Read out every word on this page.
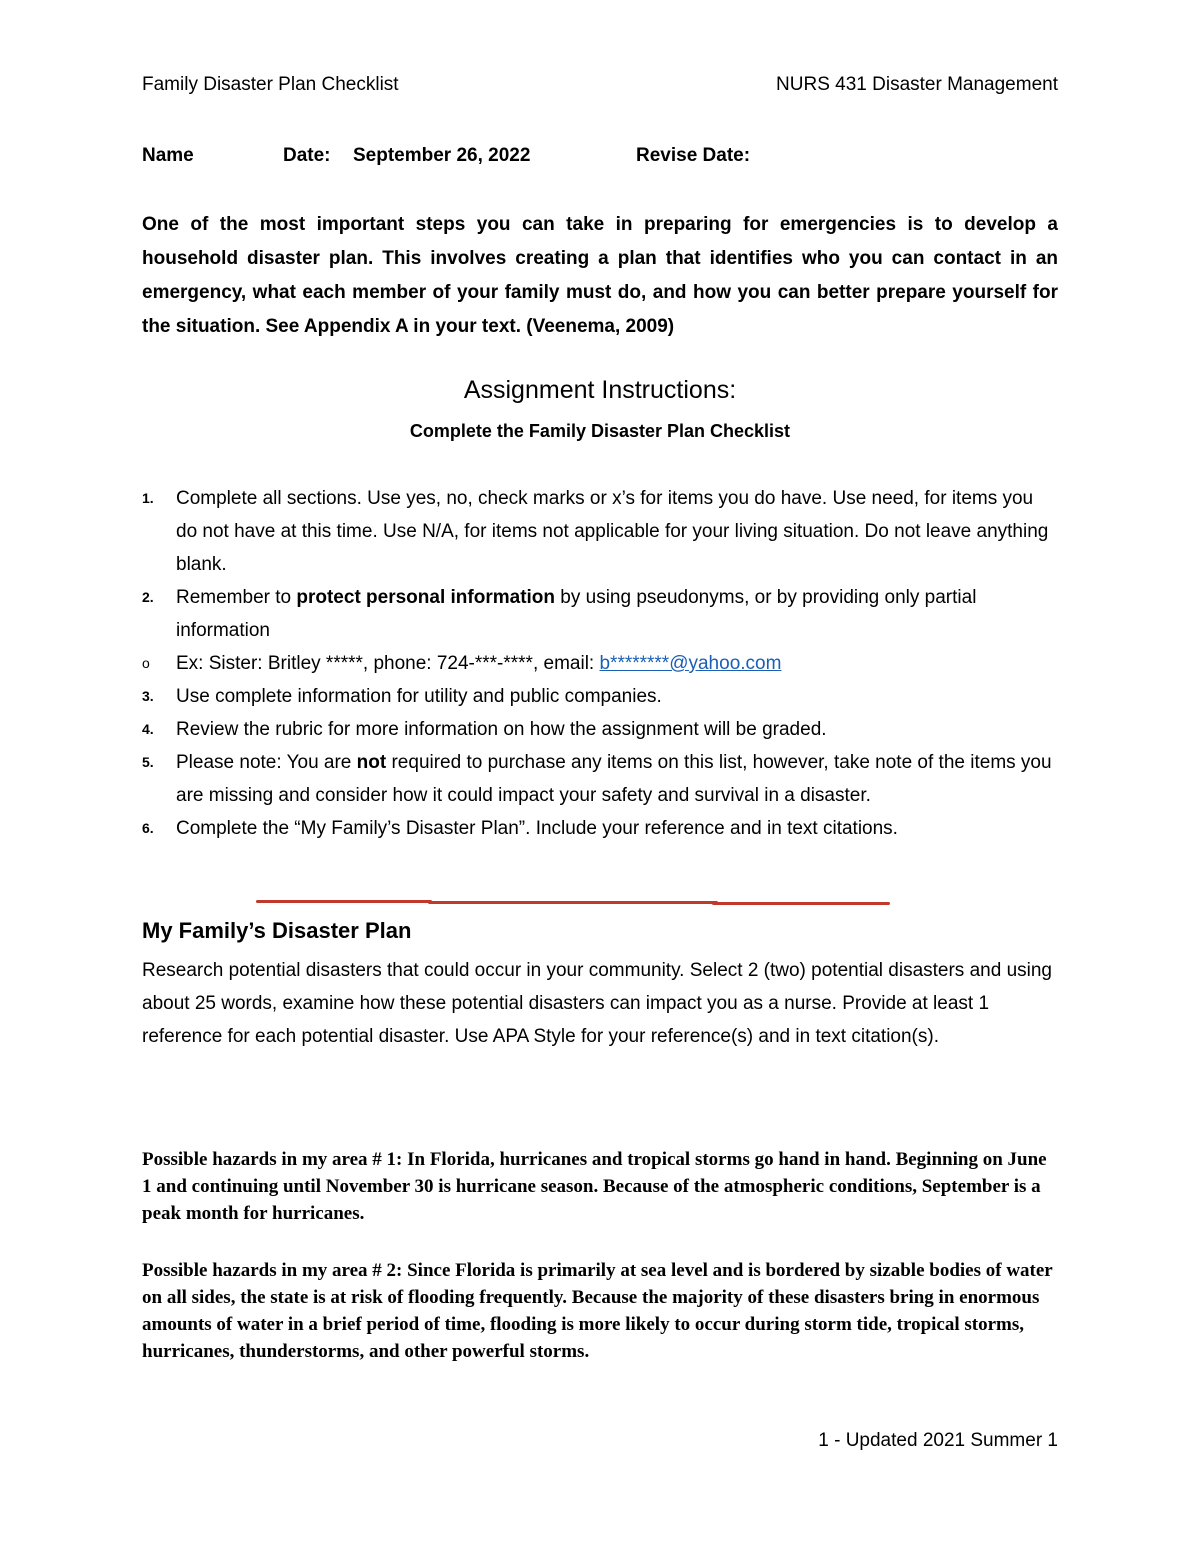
Family Disaster Plan Checklist	NURS 431 Disaster Management
Name	Date: September 26, 2022	Revise Date:

One of the most important steps you can take in preparing for emergencies is to develop a household disaster plan. This involves creating a plan that identifies who you can contact in an emergency, what each member of your family must do, and how you can better prepare yourself for the situation. See Appendix A in your text. (Veenema, 2009)

Assignment Instructions:
Complete the Family Disaster Plan Checklist
1. Complete all sections. Use yes, no, check marks or x’s for items you do have. Use need, for items you do not have at this time. Use N/A, for items not applicable for your living situation. Do not leave anything blank.
2. Remember to protect personal information by using pseudonyms, or by providing only partial information
o Ex: Sister: Britley *****, phone: 724-***-****, email: b********@yahoo.com
3. Use complete information for utility and public companies.
4. Review the rubric for more information on how the assignment will be graded.
5. Please note: You are not required to purchase any items on this list, however, take note of the items you are missing and consider how it could impact your safety and survival in a disaster.
6. Complete the “My Family’s Disaster Plan”. Include your reference and in text citations.
My Family’s Disaster Plan

Research potential disasters that could occur in your community. Select 2 (two) potential disasters and using about 25 words, examine how these potential disasters can impact you as a nurse. Provide at least 1 reference for each potential disaster. Use APA Style for your reference(s) and in text citation(s).

Possible hazards in my area # 1: In Florida, hurricanes and tropical storms go hand in hand. Beginning on June 1 and continuing until November 30 is hurricane season. Because of the atmospheric conditions, September is a peak month for hurricanes.

Possible hazards in my area # 2: Since Florida is primarily at sea level and is bordered by sizable bodies of water on all sides, the state is at risk of flooding frequently. Because the majority of these disasters bring in enormous amounts of water in a brief period of time, flooding is more likely to occur during storm tide, tropical storms, hurricanes, thunderstorms, and other powerful storms.

1 - Updated 2021 Summer 1
